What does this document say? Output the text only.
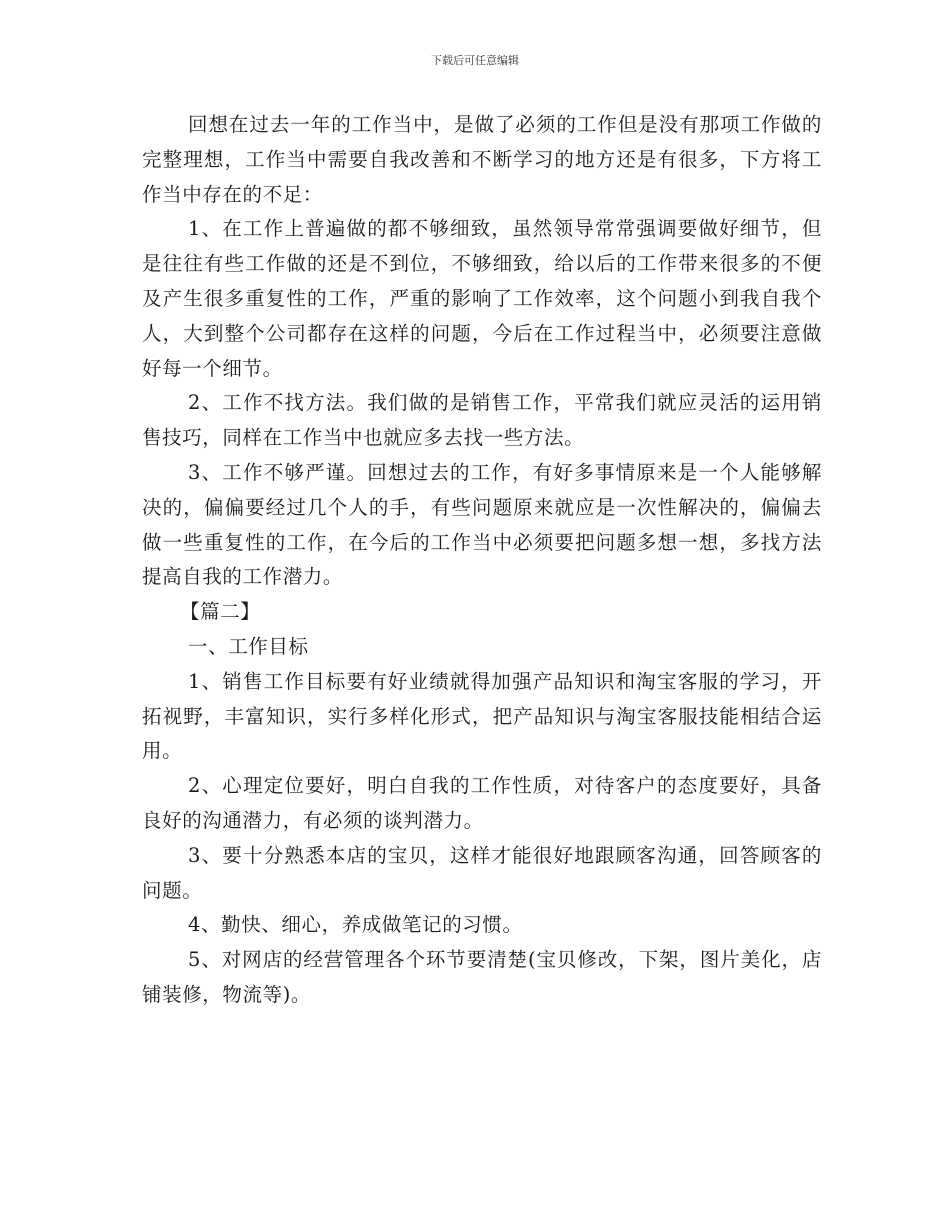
下载后可任意编辑

回想在过去一年的工作当中，是做了必须的工作但是没有那项工作做的完整理想，工作当中需要自我改善和不断学习的地方还是有很多，下方将工作当中存在的不足：

1、在工作上普遍做的都不够细致，虽然领导常常强调要做好细节，但是往往有些工作做的还是不到位，不够细致，给以后的工作带来很多的不便及产生很多重复性的工作，严重的影响了工作效率，这个问题小到我自我个人，大到整个公司都存在这样的问题，今后在工作过程当中，必须要注意做好每一个细节。

2、工作不找方法。我们做的是销售工作，平常我们就应灵活的运用销售技巧，同样在工作当中也就应多去找一些方法。

3、工作不够严谨。回想过去的工作，有好多事情原来是一个人能够解决的，偏偏要经过几个人的手，有些问题原来就应是一次性解决的，偏偏去做一些重复性的工作，在今后的工作当中必须要把问题多想一想，多找方法提高自我的工作潜力。

【篇二】

一、工作目标

1、销售工作目标要有好业绩就得加强产品知识和淘宝客服的学习，开拓视野，丰富知识，实行多样化形式，把产品知识与淘宝客服技能相结合运用。

2、心理定位要好，明白自我的工作性质，对待客户的态度要好，具备良好的沟通潜力，有必须的谈判潜力。

3、要十分熟悉本店的宝贝，这样才能很好地跟顾客沟通，回答顾客的问题。

4、勤快、细心，养成做笔记的习惯。

5、对网店的经营管理各个环节要清楚(宝贝修改，下架，图片美化，店铺装修，物流等)。
